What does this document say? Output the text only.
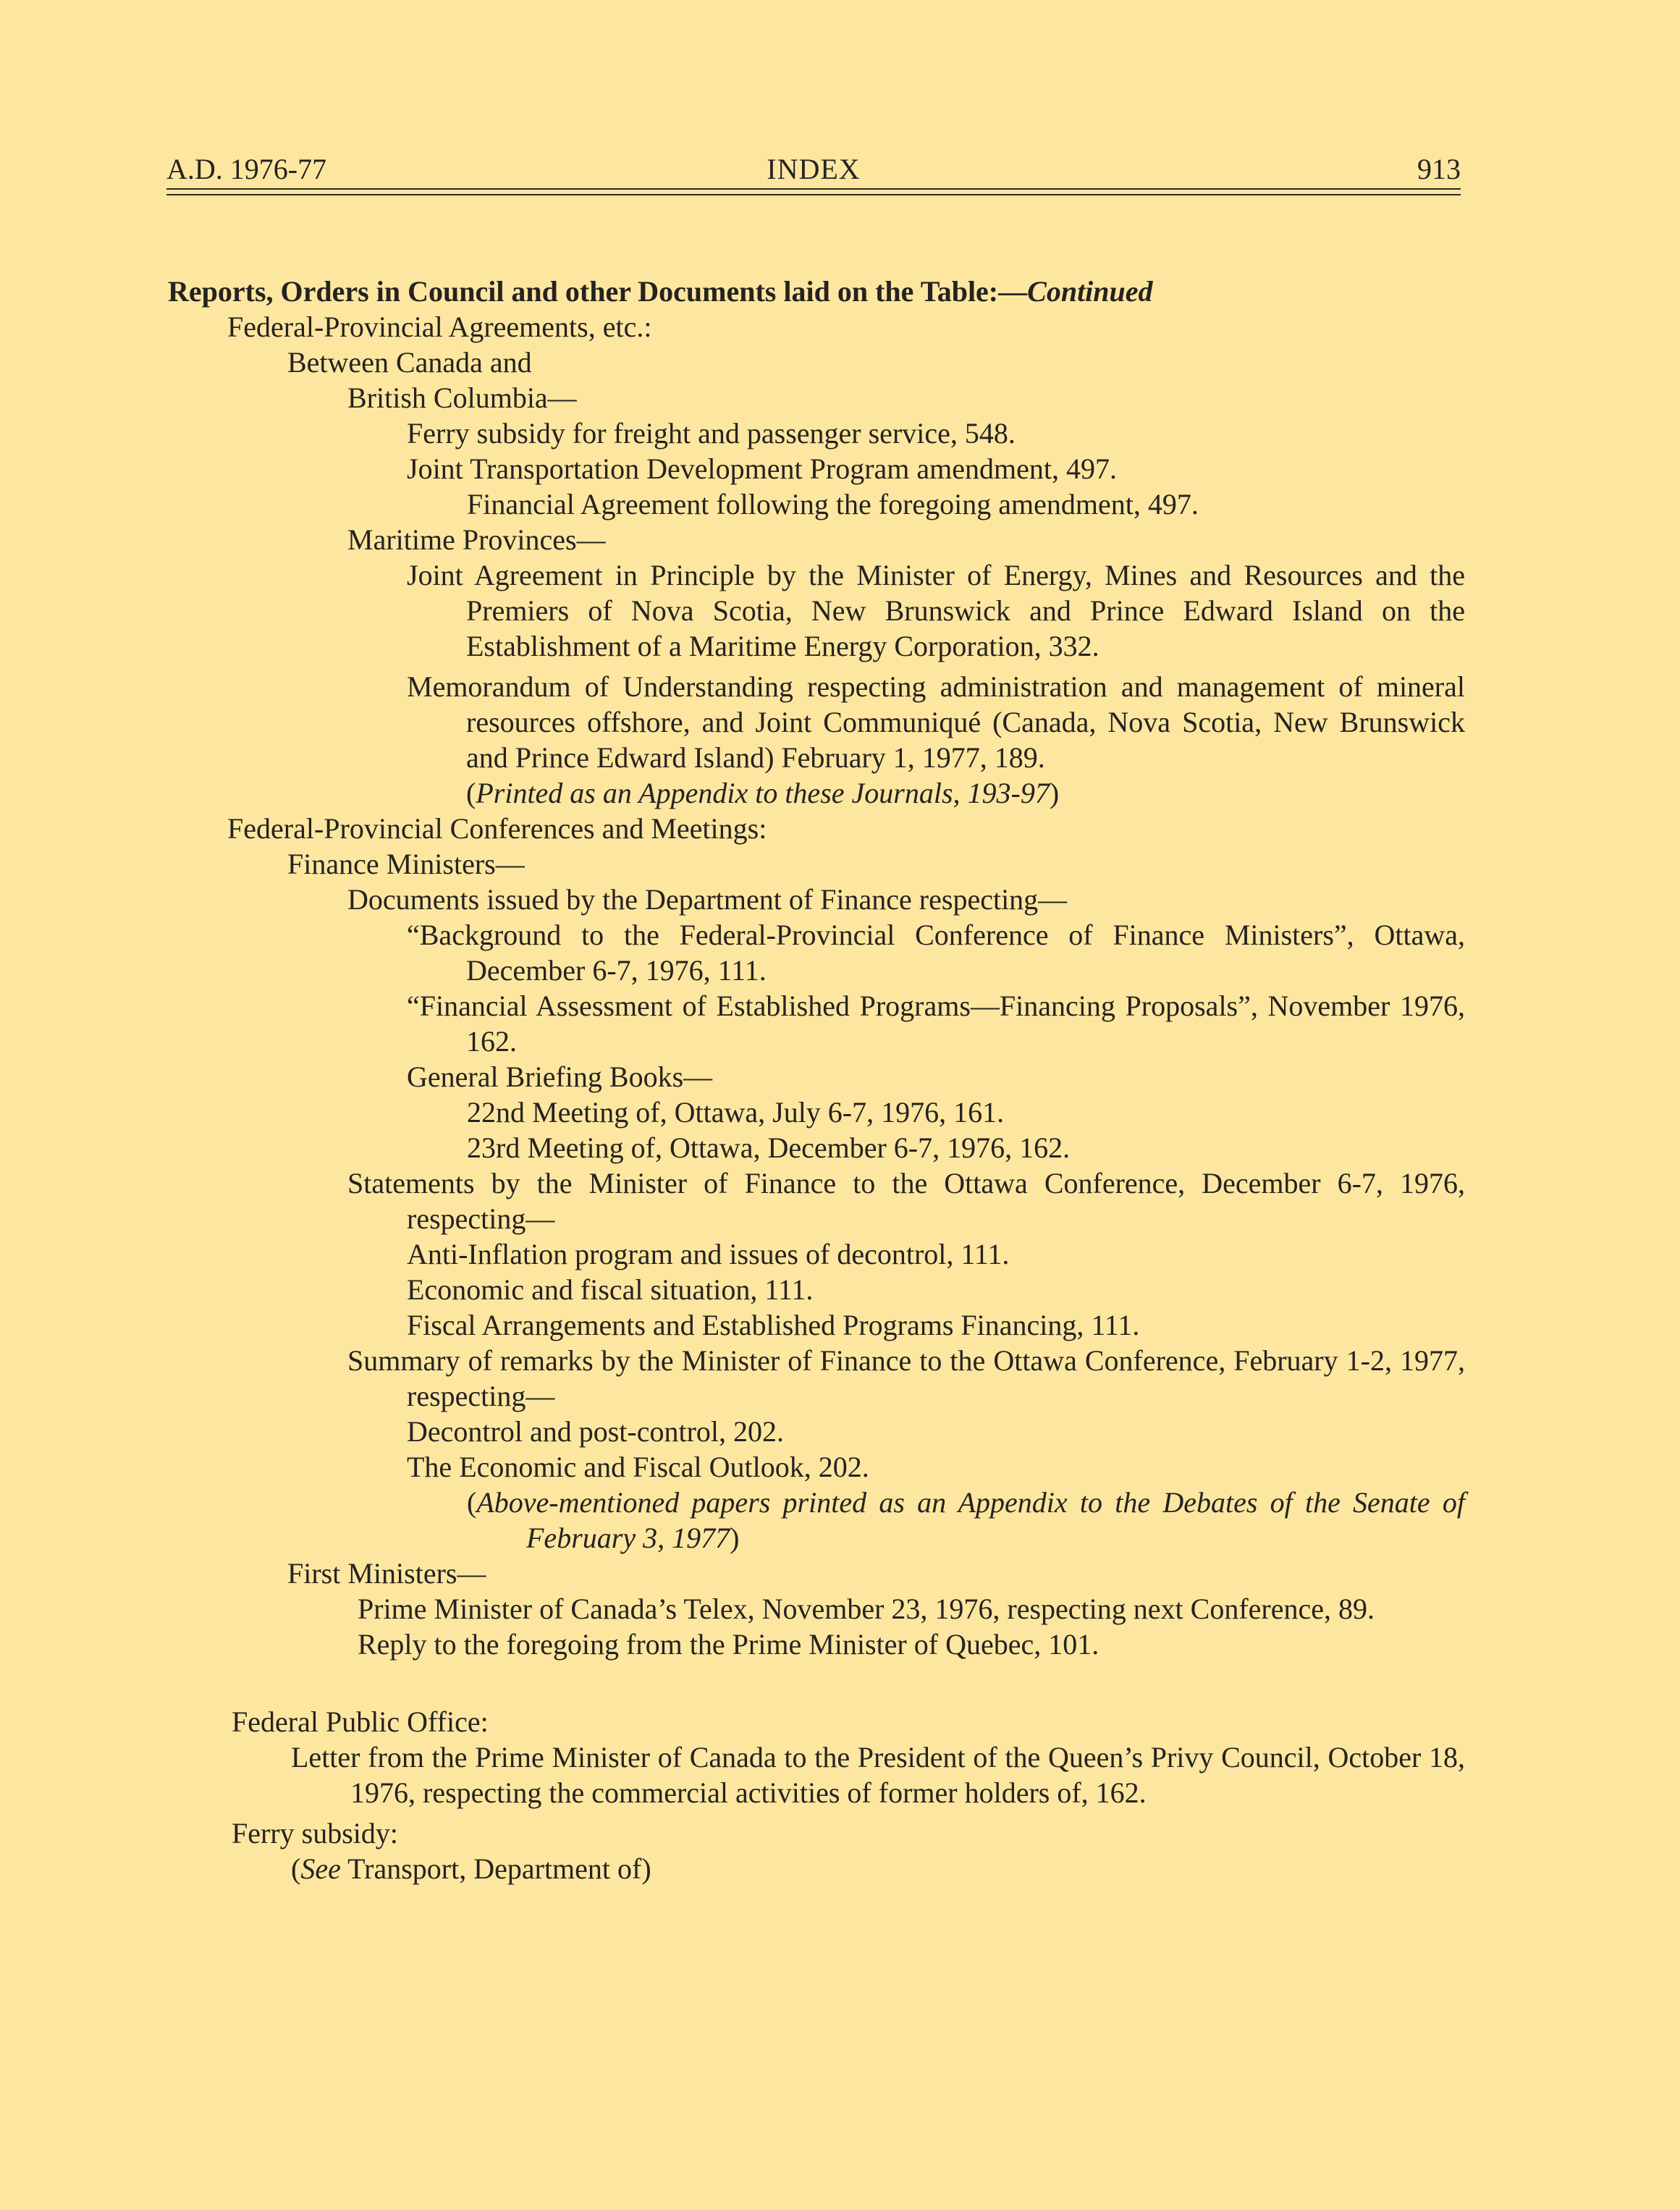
A.D. 1976-77	INDEX	913
Reports, Orders in Council and other Documents laid on the Table:—Continued
Federal-Provincial Agreements, etc.:
Between Canada and
British Columbia—
Ferry subsidy for freight and passenger service, 548.
Joint Transportation Development Program amendment, 497.
Financial Agreement following the foregoing amendment, 497.
Maritime Provinces—
Joint Agreement in Principle by the Minister of Energy, Mines and Resources and the Premiers of Nova Scotia, New Brunswick and Prince Edward Island on the Establishment of a Maritime Energy Corporation, 332.
Memorandum of Understanding respecting administration and management of mineral resources offshore, and Joint Communiqué (Canada, Nova Scotia, New Brunswick and Prince Edward Island) February 1, 1977, 189.
(Printed as an Appendix to these Journals, 193-97)
Federal-Provincial Conferences and Meetings:
Finance Ministers—
Documents issued by the Department of Finance respecting—
“Background to the Federal-Provincial Conference of Finance Ministers”, Ottawa, December 6-7, 1976, 111.
“Financial Assessment of Established Programs—Financing Proposals”, November 1976, 162.
General Briefing Books—
22nd Meeting of, Ottawa, July 6-7, 1976, 161.
23rd Meeting of, Ottawa, December 6-7, 1976, 162.
Statements by the Minister of Finance to the Ottawa Conference, December 6-7, 1976, respecting—
Anti-Inflation program and issues of decontrol, 111.
Economic and fiscal situation, 111.
Fiscal Arrangements and Established Programs Financing, 111.
Summary of remarks by the Minister of Finance to the Ottawa Conference, February 1-2, 1977, respecting—
Decontrol and post-control, 202.
The Economic and Fiscal Outlook, 202.
(Above-mentioned papers printed as an Appendix to the Debates of the Senate of February 3, 1977)
First Ministers—
Prime Minister of Canada’s Telex, November 23, 1976, respecting next Conference, 89.
Reply to the foregoing from the Prime Minister of Quebec, 101.
Federal Public Office:
Letter from the Prime Minister of Canada to the President of the Queen’s Privy Council, October 18, 1976, respecting the commercial activities of former holders of, 162.
Ferry subsidy:
(See Transport, Department of)
